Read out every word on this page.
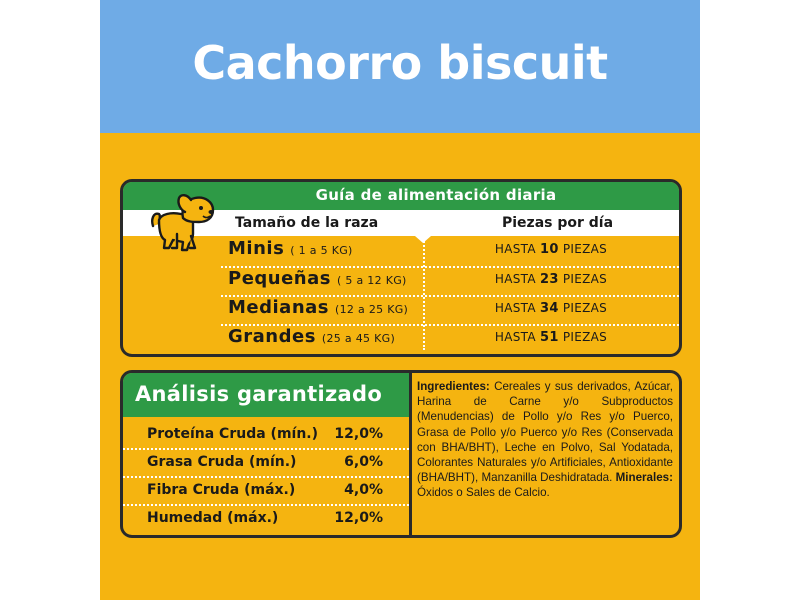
Cachorro biscuit
Guía de alimentación diaria
Tamaño de la raza	Piezas por día
Minis ( 1 a 5 KG)	HASTA 10 PIEZAS
Pequeñas ( 5 a 12 KG)	HASTA 23 PIEZAS
Medianas (12 a 25 KG)	HASTA 34 PIEZAS
Grandes (25 a 45 KG)	HASTA 51 PIEZAS
Análisis garantizado
Proteína Cruda (mín.) 12,0%
Grasa Cruda (mín.)	6,0%
Fibra Cruda (máx.)	4,0%
Humedad (máx.)	12,0%
Ingredientes: Cereales y sus derivados, Azúcar, Harina de Carne y/o Subproductos (Menudencias) de Pollo y/o Res y/o Puerco, Grasa de Pollo y/o Puerco y/o Res (Conservada con BHA/BHT), Leche en Polvo, Sal Yodatada, Colorantes Naturales y/o Artificiales, Antioxidante (BHA/BHT), Manzanilla Deshidratada. Minerales: Óxidos o Sales de Calcio.
